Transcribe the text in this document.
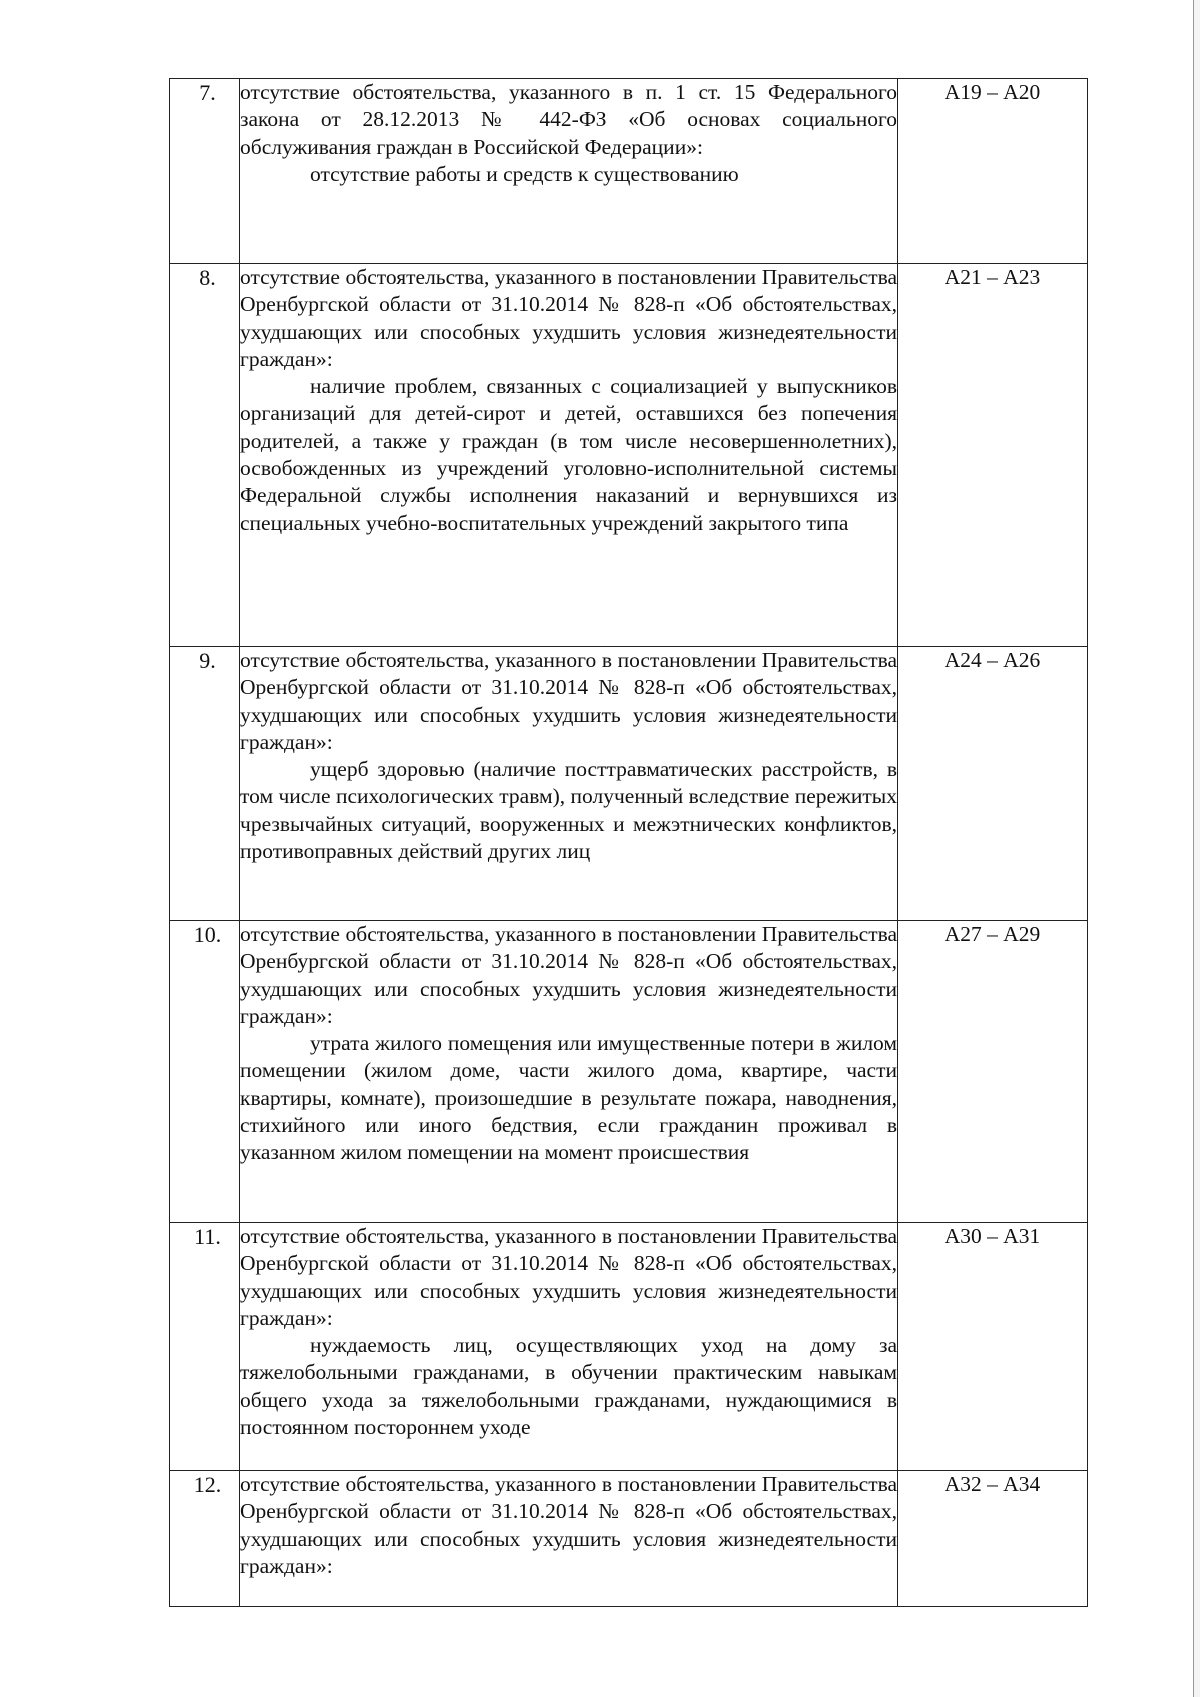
7.	отсутствие обстоятельства, указанного в п. 1 ст. 15 Федерального закона от 28.12.2013 № 442-ФЗ «Об основах социального обслуживания граждан в Российской Федерации»:

отсутствие работы и средств к существованию	А19 – А20
8.	отсутствие обстоятельства, указанного в постановлении Правительства Оренбургской области от 31.10.2014 № 828-п «Об обстоятельствах, ухудшающих или способных ухудшить условия жизнедеятельности граждан»:

наличие проблем, связанных с социализацией у выпускников организаций для детей-сирот и детей, оставшихся без попечения родителей, а также у граждан (в том числе несовершеннолетних), освобожденных из учреждений уголовно-исполнительной системы Федеральной службы исполнения наказаний и вернувшихся из специальных учебно-воспитательных учреждений закрытого типа	А21 – А23
9.	отсутствие обстоятельства, указанного в постановлении Правительства Оренбургской области от 31.10.2014 № 828-п «Об обстоятельствах, ухудшающих или способных ухудшить условия жизнедеятельности граждан»:

ущерб здоровью (наличие посттравматических расстройств, в том числе психологических травм), полученный вследствие пережитых чрезвычайных ситуаций, вооруженных и межэтнических конфликтов, противоправных действий других лиц	А24 – А26
10.	отсутствие обстоятельства, указанного в постановлении Правительства Оренбургской области от 31.10.2014 № 828-п «Об обстоятельствах, ухудшающих или способных ухудшить условия жизнедеятельности граждан»:

утрата жилого помещения или имущественные потери в жилом помещении (жилом доме, части жилого дома, квартире, части квартиры, комнате), произошедшие в результате пожара, наводнения, стихийного или иного бедствия, если гражданин проживал в указанном жилом помещении на момент происшествия	А27 – А29
11.	отсутствие обстоятельства, указанного в постановлении Правительства Оренбургской области от 31.10.2014 № 828-п «Об обстоятельствах, ухудшающих или способных ухудшить условия жизнедеятельности граждан»:

нуждаемость лиц, осуществляющих уход на дому за тяжелобольными гражданами, в обучении практическим навыкам общего ухода за тяжелобольными гражданами, нуждающимися в постоянном постороннем уходе	А30 – А31
12.	отсутствие обстоятельства, указанного в постановлении Правительства Оренбургской области от 31.10.2014 № 828-п «Об обстоятельствах, ухудшающих или способных ухудшить условия жизнедеятельности граждан»:	А32 – А34
